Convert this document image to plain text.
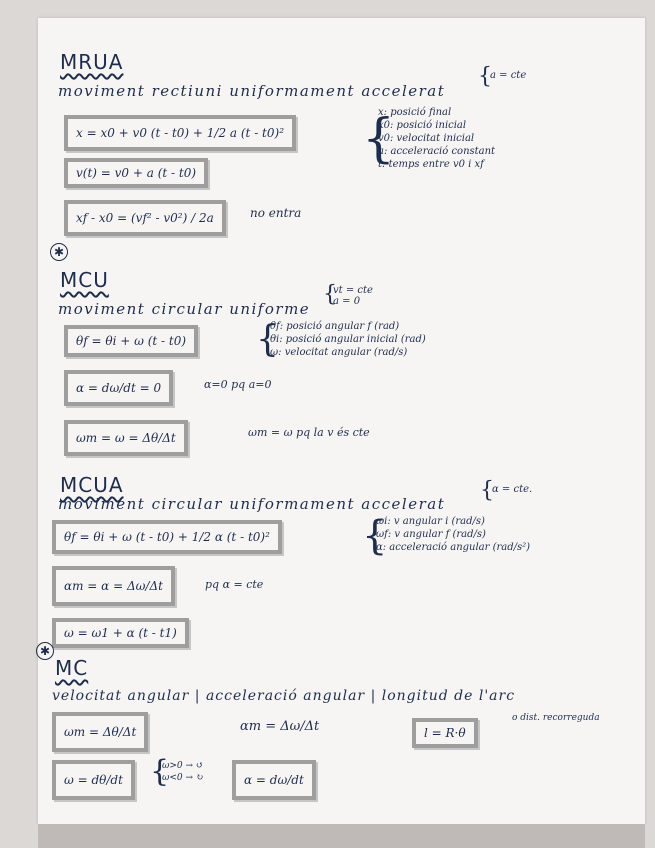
MRUA
moviment rectiuni uniformament accelerat
{
a = cte
x = x0 + v0 (t - t0) + 1/2 a (t - t0)²
v(t) = v0 + a (t - t0)
xf - x0 = (vf² - v0²) / 2a	no entra
{
x: posició final
x0: posició inicial
v0: velocitat inicial
a: acceleració constant
t: temps entre v0 i xf
✱
MCU
moviment circular uniforme
{
vt = cte
a = 0
θf = θi + ω (t - t0)	{
θf: posició angular f (rad)
θi: posició angular inicial (rad)
ω: velocitat angular (rad/s)
α = dω/dt = 0	α=0 pq a=0
ωm = ω = Δθ/Δt	ωm = ω pq la v és cte
MCUA
moviment circular uniformament accelerat
{
α = cte.
θf = θi + ω (t - t0) + 1/2 α (t - t0)²	{
ωi: v angular i (rad/s)
ωf: v angular f (rad/s)
α: acceleració angular (rad/s²)
αm = α = Δω/Δt	pq α = cte
ω = ω1 + α (t - t1)
✱
MC
velocitat angular | acceleració angular | longitud de l'arc
ωm = Δθ/Δt	αm = Δω/Δt	l = R·θ
o dist. recorreguda
ω = dθ/dt {
ω>0 → ↺
ω<0 → ↻	α = dω/dt
